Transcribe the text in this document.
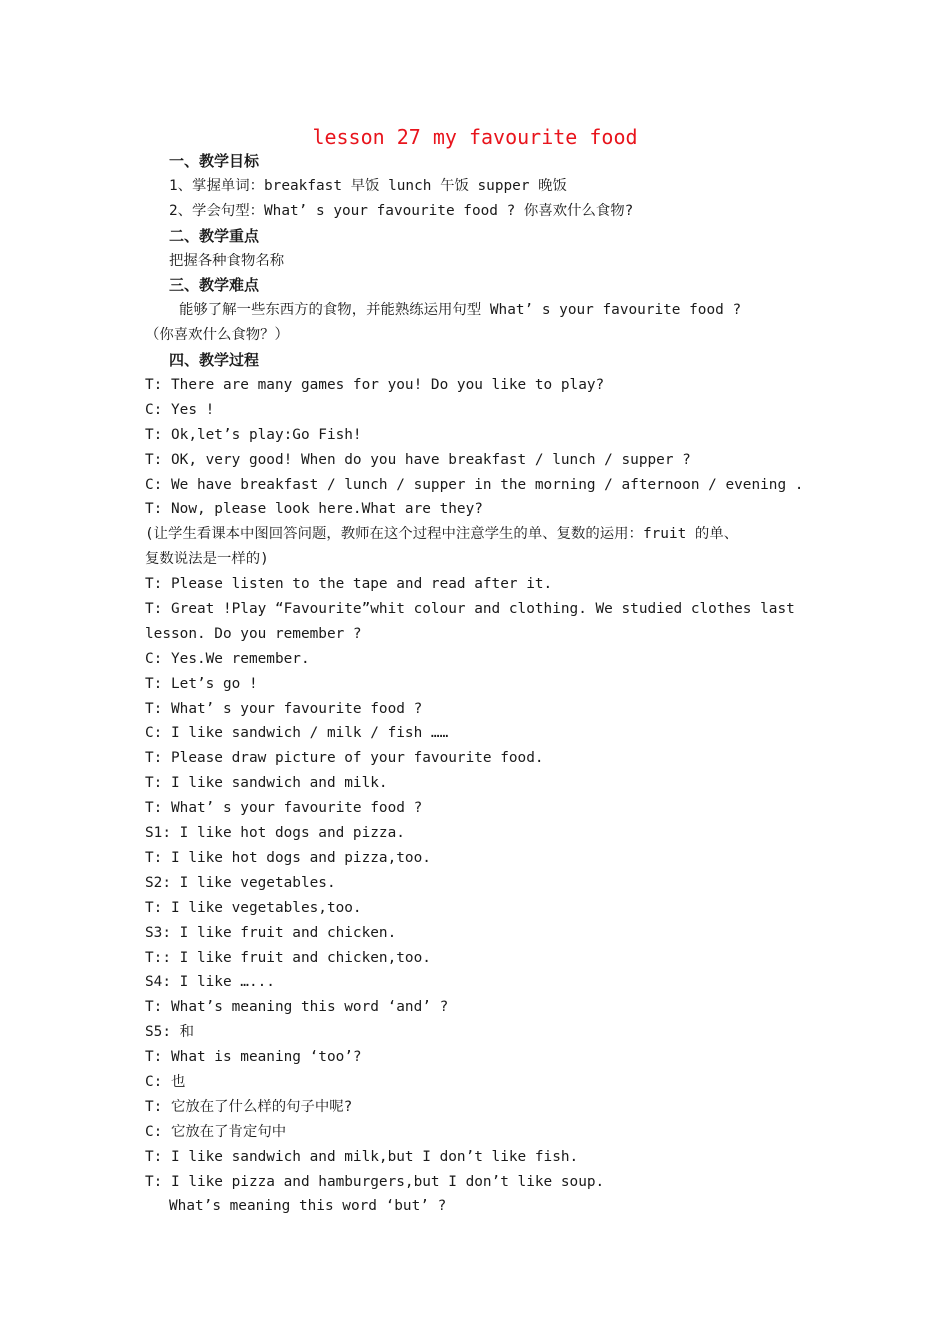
lesson 27 my favourite food
一、教学目标
1、掌握单词：breakfast 早饭 lunch 午饭 supper 晚饭
2、学会句型：What’ s your favourite food ? 你喜欢什么食物?
二、教学重点
把握各种食物名称
三、教学难点
能够了解一些东西方的食物，并能熟练运用句型 What’ s your favourite food ?
（你喜欢什么食物？）
四、教学过程
T: There are many games for you! Do you like to play?
C: Yes !
T: Ok,let’s play:Go Fish!
T: OK, very good! When do you have breakfast / lunch / supper ?
C: We have breakfast / lunch / supper in the morning / afternoon / evening .
T: Now, please look here.What are they?
(让学生看课本中图回答问题，教师在这个过程中注意学生的单、复数的运用：fruit 的单、
复数说法是一样的)
T: Please listen to the tape and read after it.
T: Great !Play “Favourite”whit colour and clothing. We studied clothes last
lesson. Do you remember ?
C: Yes.We remember.
T: Let’s go !
T: What’ s your favourite food ?
C: I like sandwich / milk / fish ……
T: Please draw picture of your favourite food.
T: I like sandwich and milk.
T: What’ s your favourite food ?
S1: I like hot dogs and pizza.
T: I like hot dogs and pizza,too.
S2: I like vegetables.
T: I like vegetables,too.
S3: I like fruit and chicken.
T:: I like fruit and chicken,too.
S4: I like …...
T: What’s meaning this word ‘and’ ?
S5: 和
T: What is meaning ‘too’?
C: 也
T: 它放在了什么样的句子中呢?
C: 它放在了肯定句中
T: I like sandwich and milk,but I don’t like fish.
T: I like pizza and hamburgers,but I don’t like soup.
What’s meaning this word ‘but’ ?
